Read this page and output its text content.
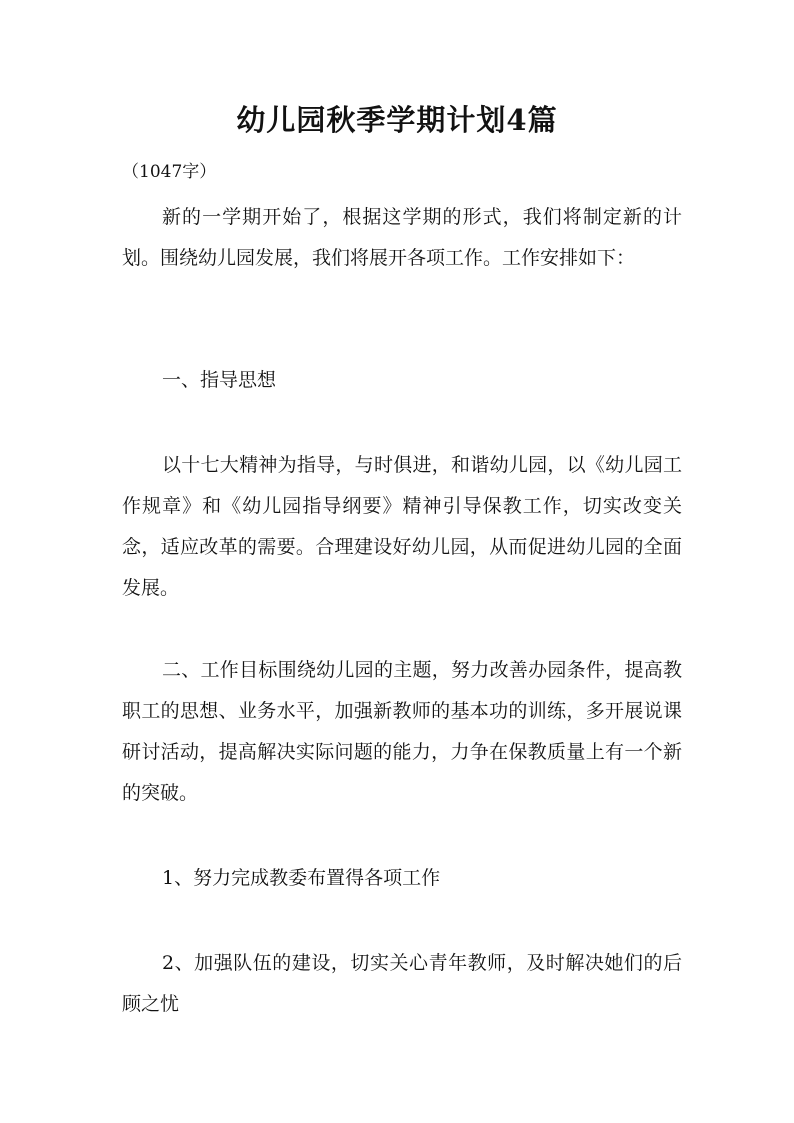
幼儿园秋季学期计划4篇
（1047字）

新的一学期开始了，根据这学期的形式，我们将制定新的计划。围绕幼儿园发展，我们将展开各项工作。工作安排如下：

一、指导思想

以十七大精神为指导，与时俱进，和谐幼儿园，以《幼儿园工作规章》和《幼儿园指导纲要》精神引导保教工作，切实改变关念，适应改革的需要。合理建设好幼儿园，从而促进幼儿园的全面发展。

二、工作目标围绕幼儿园的主题，努力改善办园条件，提高教职工的思想、业务水平，加强新教师的基本功的训练，多开展说课研讨活动，提高解决实际问题的能力，力争在保教质量上有一个新的突破。

1、努力完成教委布置得各项工作

2、加强队伍的建设，切实关心青年教师，及时解决她们的后顾之忧
